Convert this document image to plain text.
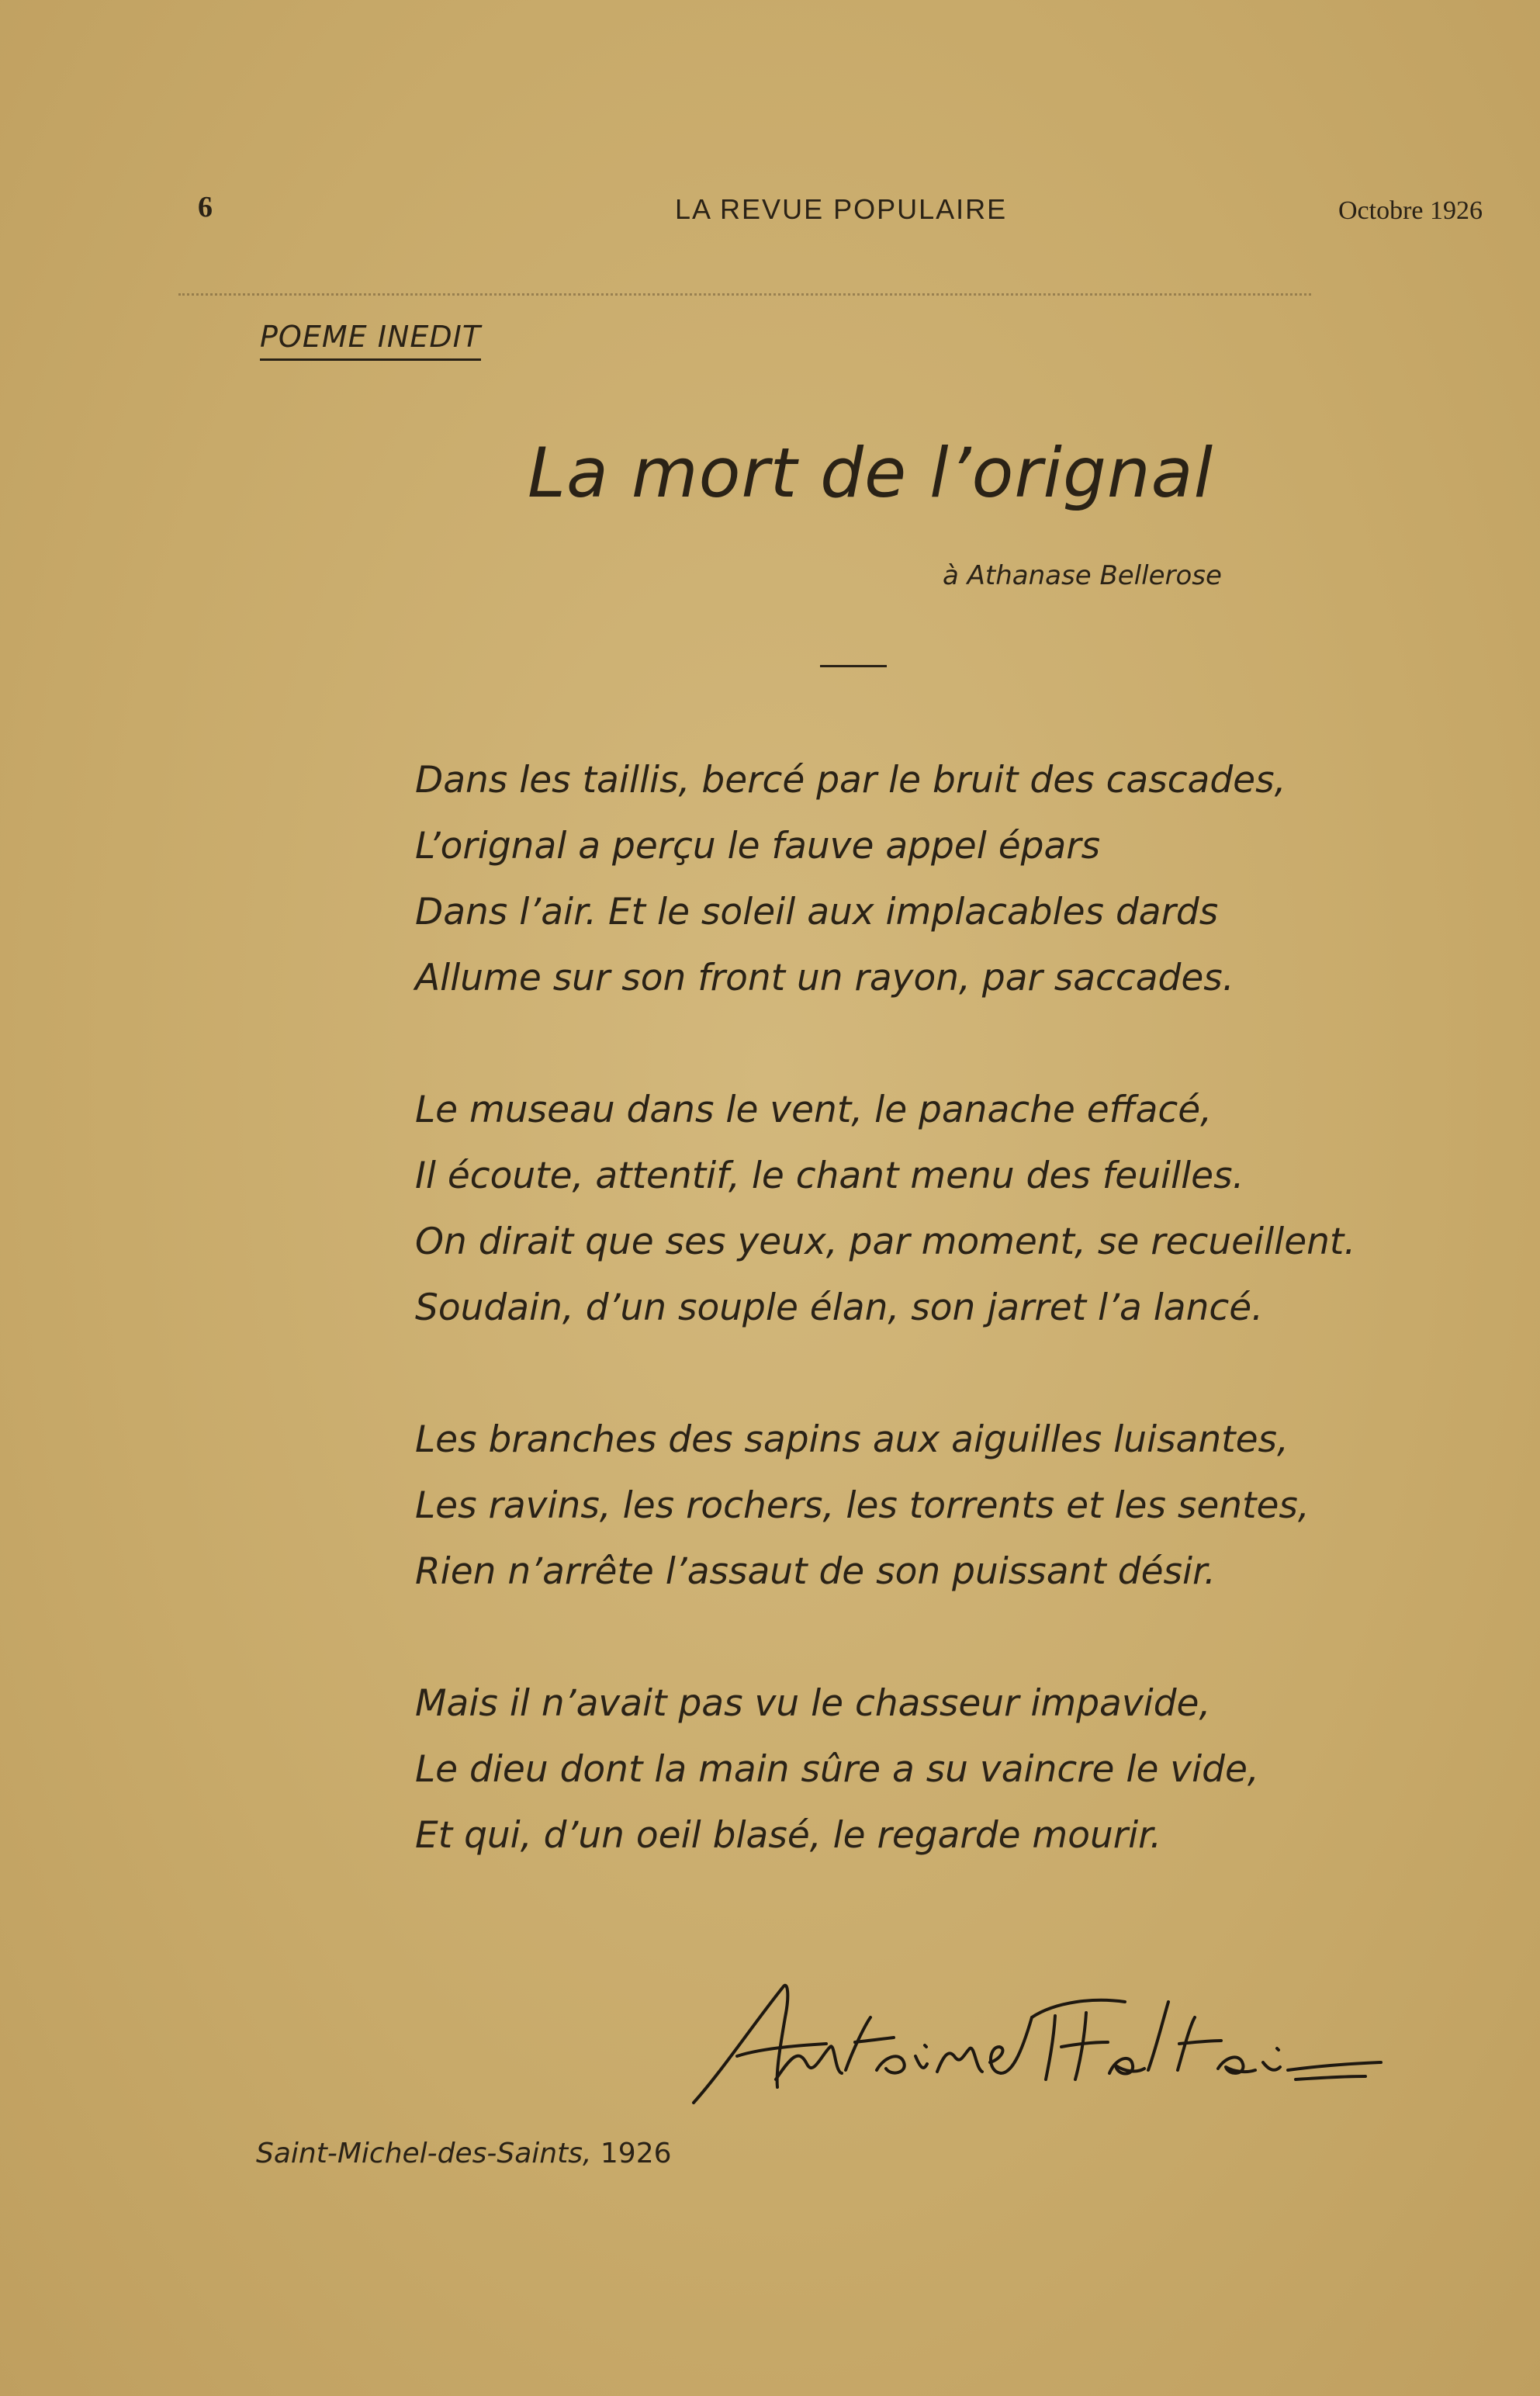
6	LA REVUE POPULAIRE	Octobre 1926
POEME INEDIT
La mort de l’orignal
à Athanase Bellerose
Dans les taillis, bercé par le bruit des cascades,
L’orignal a perçu le fauve appel épars
Dans l’air. Et le soleil aux implacables dards
Allume sur son front un rayon, par saccades.
Le museau dans le vent, le panache effacé,
Il écoute, attentif, le chant menu des feuilles.
On dirait que ses yeux, par moment, se recueillent.
Soudain, d’un souple élan, son jarret l’a lancé.
Les branches des sapins aux aiguilles luisantes,
Les ravins, les rochers, les torrents et les sentes,
Rien n’arrête l’assaut de son puissant désir.
Mais il n’avait pas vu le chasseur impavide,
Le dieu dont la main sûre a su vaincre le vide,
Et qui, d’un oeil blasé, le regarde mourir.
Saint-Michel-des-Saints, 1926
